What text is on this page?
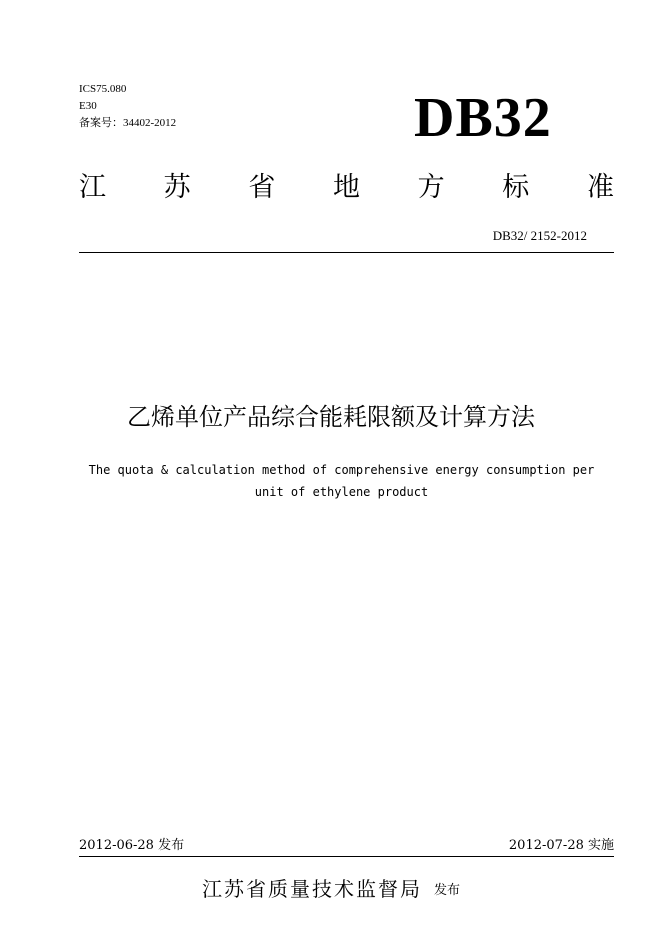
ICS75.080
E30
备案号：34402-2012	DB32
江 苏 省 地 方 标 准
DB32/ 2152-2012
乙烯单位产品综合能耗限额及计算方法
The quota & calculation method of comprehensive energy consumption per
unit of ethylene product
2012-06-28 发布	2012-07-28 实施
江苏省质量技术监督局 发布
